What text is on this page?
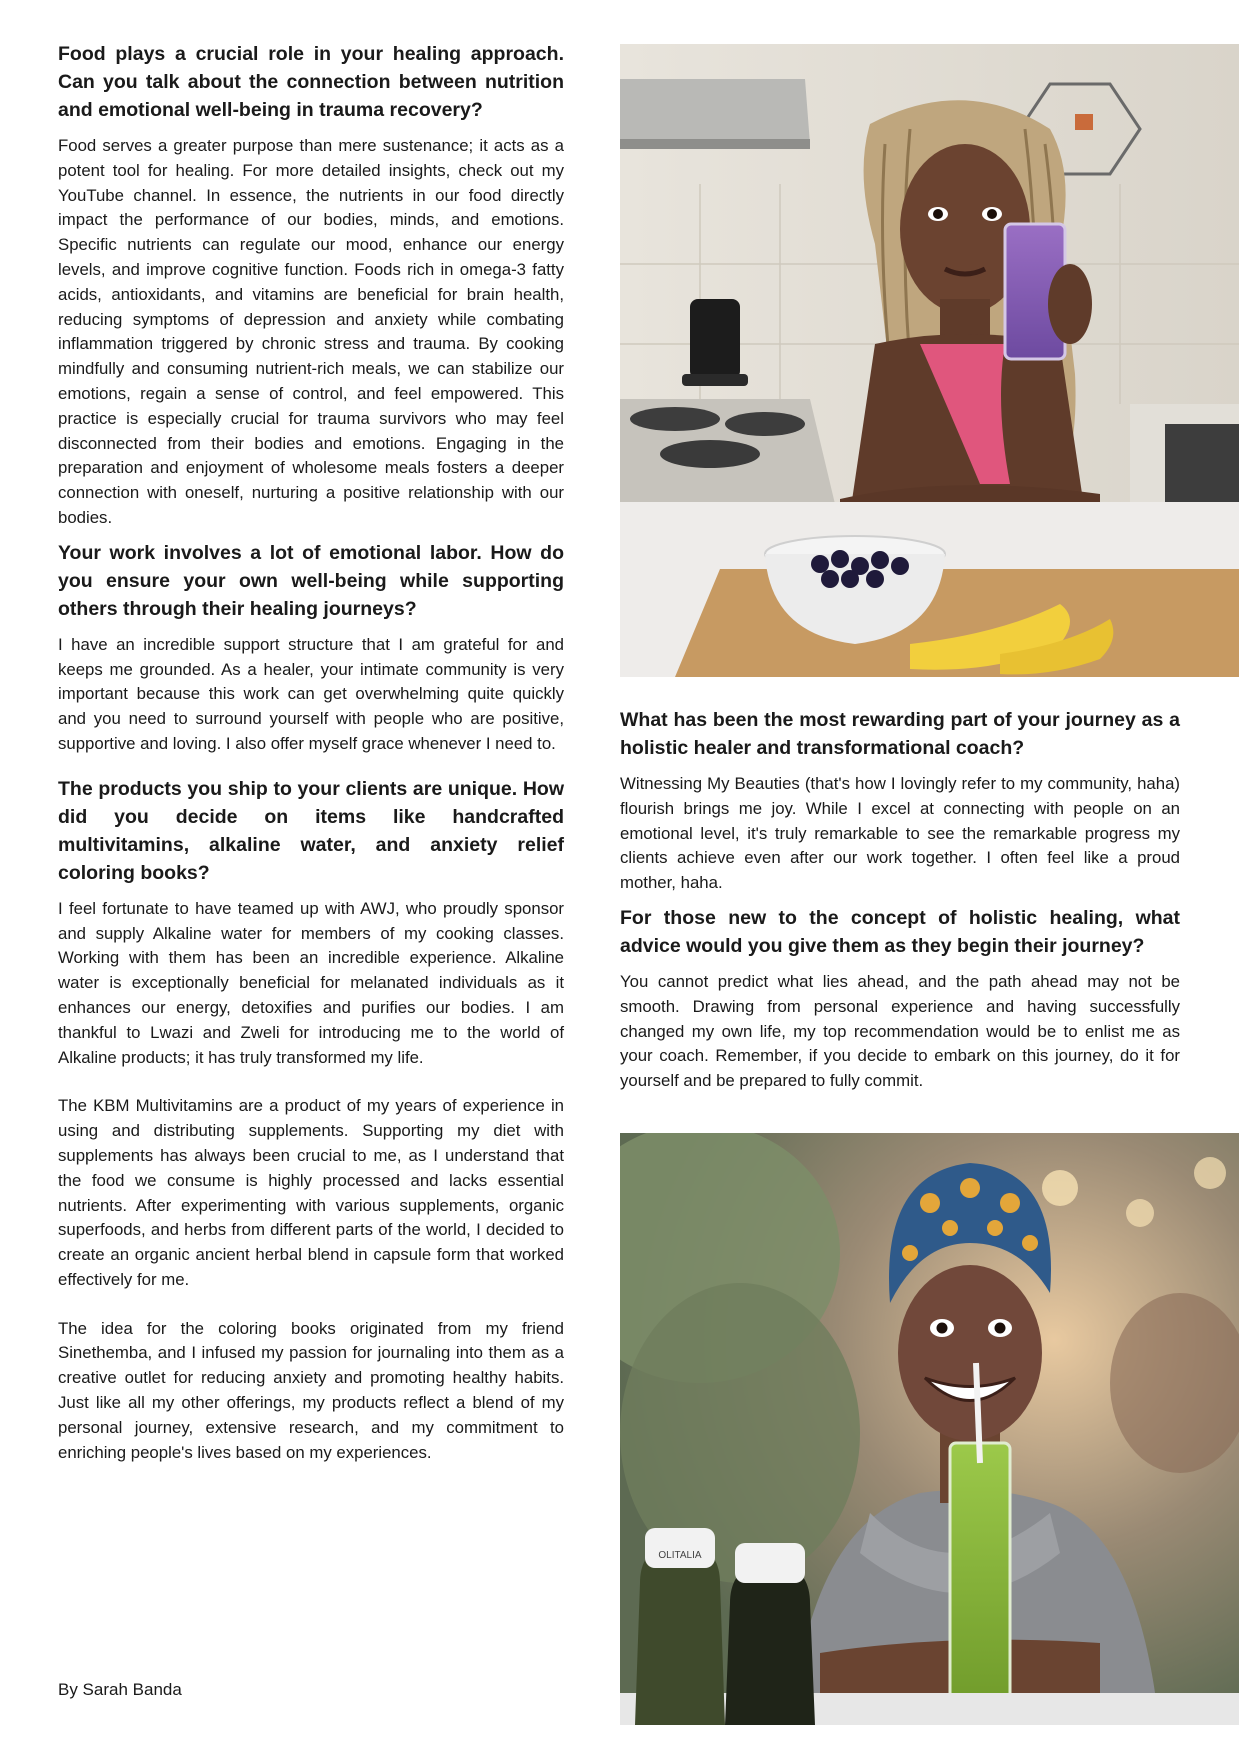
Food plays a crucial role in your healing approach. Can you talk about the connection between nutrition and emotional well-being in trauma recovery?

Food serves a greater purpose than mere sustenance; it acts as a potent tool for healing. For more detailed insights, check out my YouTube channel. In essence, the nutrients in our food directly impact the performance of our bodies, minds, and emotions. Specific nutrients can regulate our mood, enhance our energy levels, and improve cognitive function. Foods rich in omega-3 fatty acids, antioxidants, and vitamins are beneficial for brain health, reducing symptoms of depression and anxiety while combating inflammation triggered by chronic stress and trauma. By cooking mindfully and consuming nutrient-rich meals, we can stabilize our emotions, regain a sense of control, and feel empowered. This practice is especially crucial for trauma survivors who may feel disconnected from their bodies and emotions. Engaging in the preparation and enjoyment of wholesome meals fosters a deeper connection with oneself, nurturing a positive relationship with our bodies.

Your work involves a lot of emotional labor. How do you ensure your own well-being while supporting others through their healing journeys?

I have an incredible support structure that I am grateful for and keeps me grounded. As a healer, your intimate community is very important because this work can get overwhelming quite quickly and you need to surround yourself with people who are positive, supportive and loving. I also offer myself grace whenever I need to.

The products you ship to your clients are unique. How did you decide on items like handcrafted multivitamins, alkaline water, and anxiety relief coloring books?

I feel fortunate to have teamed up with AWJ, who proudly sponsor and supply Alkaline water for members of my cooking classes. Working with them has been an incredible experience. Alkaline water is exceptionally beneficial for melanated individuals as it enhances our energy, detoxifies and purifies our bodies. I am thankful to Lwazi and Zweli for introducing me to the world of Alkaline products; it has truly transformed my life.

The KBM Multivitamins are a product of my years of experience in using and distributing supplements. Supporting my diet with supplements has always been crucial to me, as I understand that the food we consume is highly processed and lacks essential nutrients. After experimenting with various supplements, organic superfoods, and herbs from different parts of the world, I decided to create an organic ancient herbal blend in capsule form that worked effectively for me.

The idea for the coloring books originated from my friend Sinethemba, and I infused my passion for journaling into them as a creative outlet for reducing anxiety and promoting healthy habits. Just like all my other offerings, my products reflect a blend of my personal journey, extensive research, and my commitment to enriching people's lives based on my experiences.

What has been the most rewarding part of your journey as a holistic healer and transformational coach?

Witnessing My Beauties (that's how I lovingly refer to my community, haha) flourish brings me joy. While I excel at connecting with people on an emotional level, it's truly remarkable to see the remarkable progress my clients achieve even after our work together. I often feel like a proud mother, haha.

For those new to the concept of holistic healing, what advice would you give them as they begin their journey?

You cannot predict what lies ahead, and the path ahead may not be smooth. Drawing from personal experience and having successfully changed my own life, my top recommendation would be to enlist me as your coach. Remember, if you decide to embark on this journey, do it for yourself and be prepared to fully commit.

OLITALIA
By Sarah Banda
